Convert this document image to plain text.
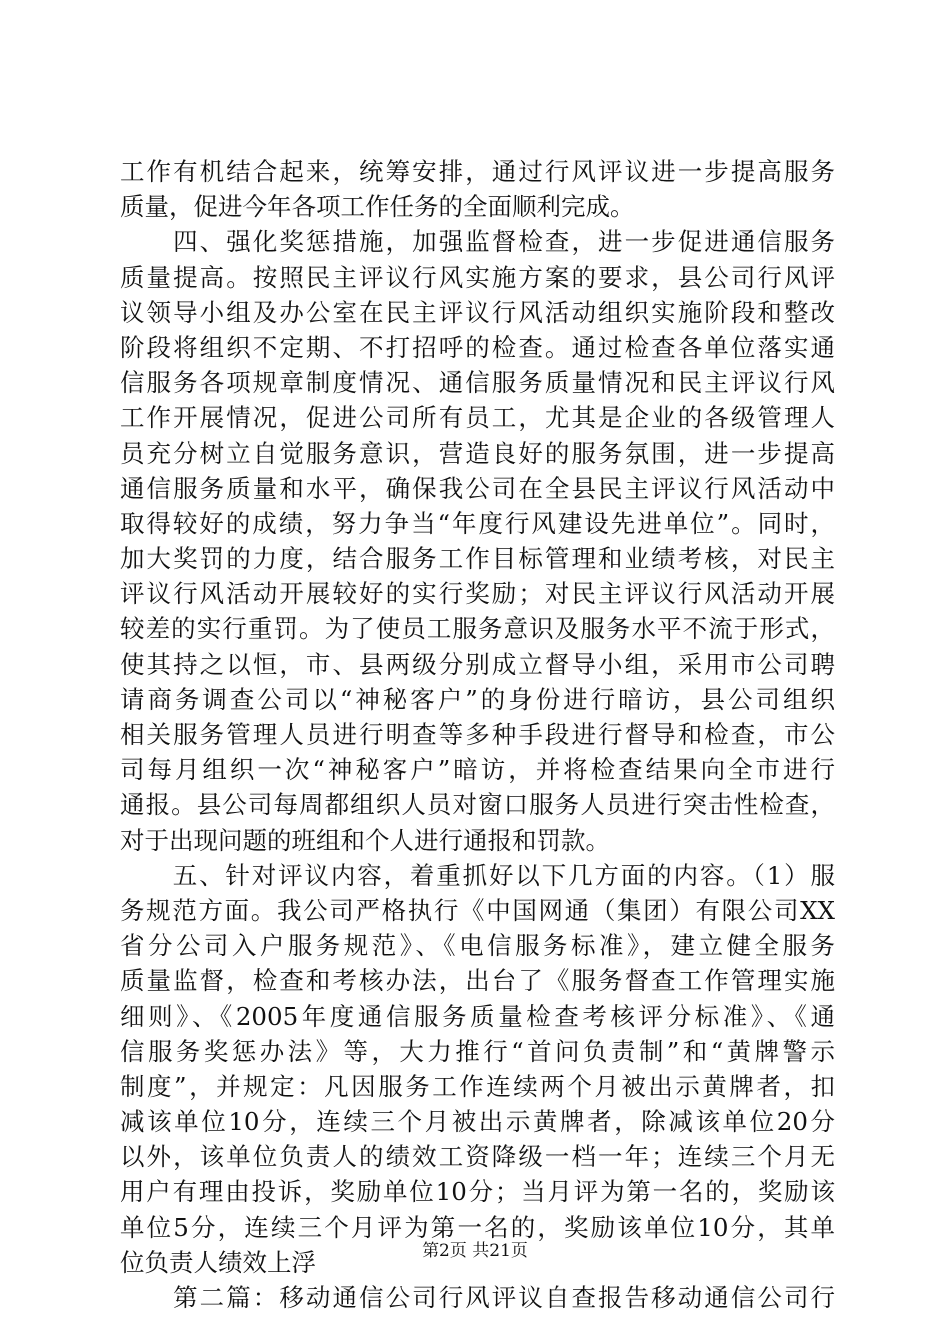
工作有机结合起来，统筹安排，通过行风评议进一步提高服务
质量，促进今年各项工作任务的全面顺利完成。
　　四、强化奖惩措施，加强监督检查，进一步促进通信服务
质量提高。按照民主评议行风实施方案的要求，县公司行风评
议领导小组及办公室在民主评议行风活动组织实施阶段和整改
阶段将组织不定期、不打招呼的检查。通过检查各单位落实通
信服务各项规章制度情况、通信服务质量情况和民主评议行风
工作开展情况，促进公司所有员工，尤其是企业的各级管理人
员充分树立自觉服务意识，营造良好的服务氛围，进一步提高
通信服务质量和水平，确保我公司在全县民主评议行风活动中
取得较好的成绩，努力争当“年度行风建设先进单位”。同时，
加大奖罚的力度，结合服务工作目标管理和业绩考核，对民主
评议行风活动开展较好的实行奖励；对民主评议行风活动开展
较差的实行重罚。为了使员工服务意识及服务水平不流于形式，
使其持之以恒，市、县两级分别成立督导小组，采用市公司聘
请商务调查公司以“神秘客户”的身份进行暗访，县公司组织
相关服务管理人员进行明查等多种手段进行督导和检查，市公
司每月组织一次“神秘客户”暗访，并将检查结果向全市进行
通报。县公司每周都组织人员对窗口服务人员进行突击性检查，
对于出现问题的班组和个人进行通报和罚款。
　　五、针对评议内容，着重抓好以下几方面的内容。（1）服
务规范方面。我公司严格执行《中国网通（集团）有限公司XX
省分公司入户服务规范》、《电信服务标准》，建立健全服务
质量监督，检查和考核办法，出台了《服务督查工作管理实施
细则》、《2005年度通信服务质量检查考核评分标准》、《通
信服务奖惩办法》等，大力推行“首问负责制”和“黄牌警示
制度”，并规定：凡因服务工作连续两个月被出示黄牌者，扣
减该单位10分，连续三个月被出示黄牌者，除减该单位20分
以外，该单位负责人的绩效工资降级一档一年；连续三个月无
用户有理由投诉，奖励单位10分；当月评为第一名的，奖励该
单位5分，连续三个月评为第一名的，奖励该单位10分，其单
位负责人绩效上浮
　　第二篇：移动通信公司行风评议自查报告移动通信公司行
第2页 共21页
